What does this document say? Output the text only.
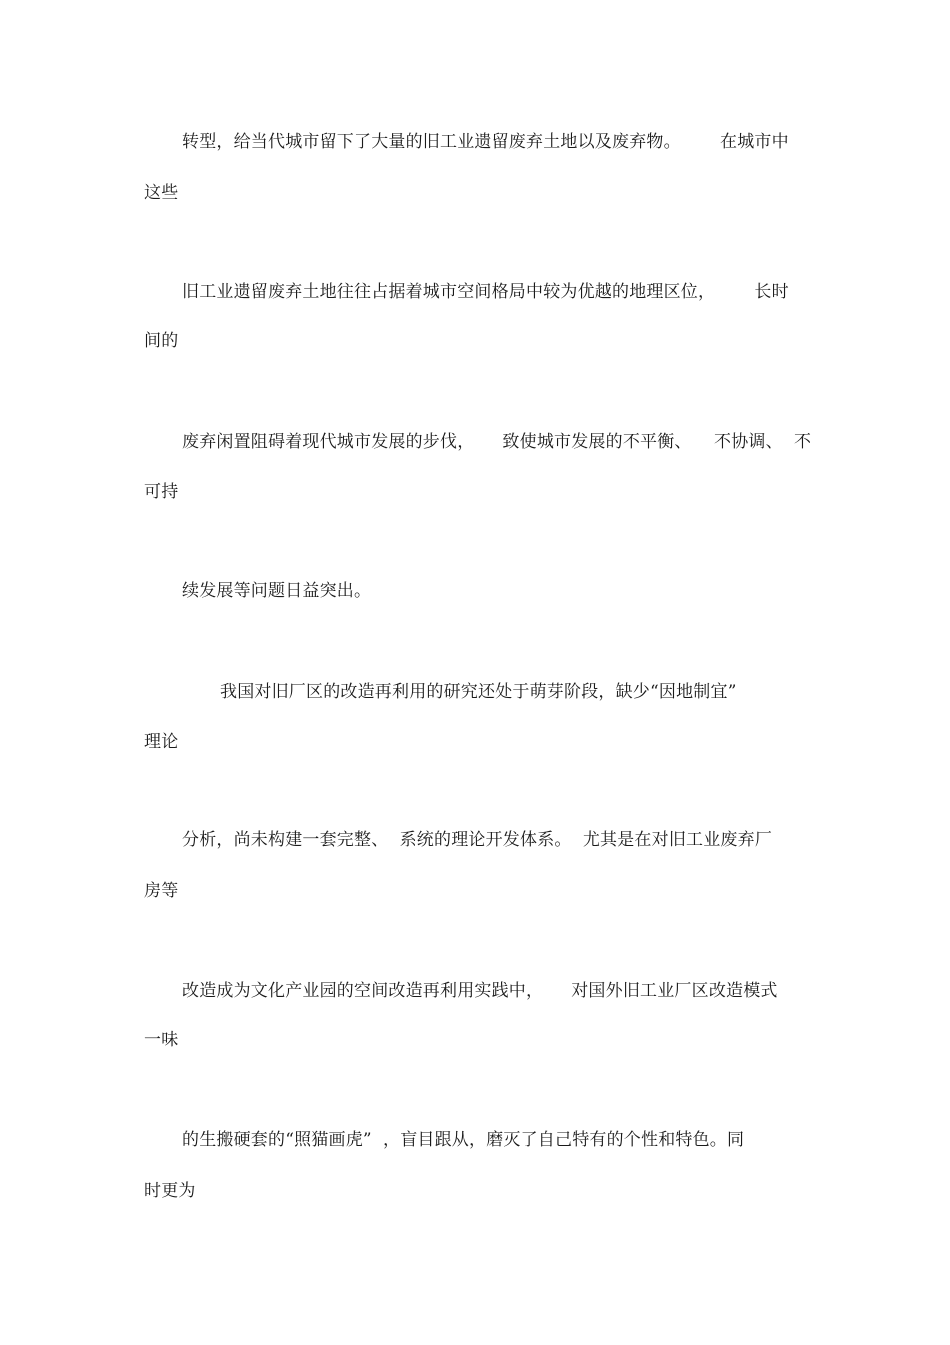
转型，给当代城市留下了大量的旧工业遗留废弃土地以及废弃物。       在城市中
这些
旧工业遗留废弃土地往往占据着城市空间格局中较为优越的地理区位，       长时
间的
废弃闲置阻碍着现代城市发展的步伐，     致使城市发展的不平衡、    不协调、  不
可持
续发展等问题日益突出。
我国对旧厂区的改造再利用的研究还处于萌芽阶段，缺少“因地制宜”
理论
分析，尚未构建一套完整、  系统的理论开发体系。  尤其是在对旧工业废弃厂
房等
改造成为文化产业园的空间改造再利用实践中，     对国外旧工业厂区改造模式
一味
的生搬硬套的“照猫画虎”  ，盲目跟从，磨灭了自己特有的个性和特色。同
时更为
